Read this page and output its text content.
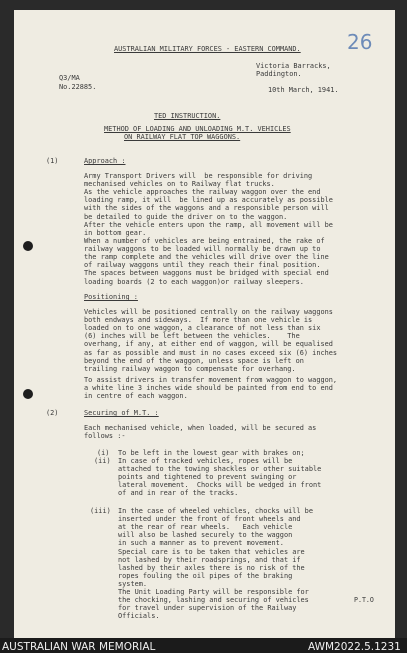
AUSTRALIAN MILITARY FORCES - EASTERN COMMAND. 26
Victoria Barracks,
Paddington.
Q3/MA
No.22885.	10th March, 1941.
TED INSTRUCTION.
METHOD OF LOADING AND UNLOADING M.T. VEHICLES
ON RAILWAY FLAT TOP WAGGONS.
(1)	Approach :
Army Transport Drivers will  be responsible for driving
mechanised vehicles on to Railway flat trucks.
As the vehicle approaches the railway waggon over the end
loading ramp, it will  be lined up as accurately as possible
with the sides of the waggons and a responsible person will
be detailed to guide the driver on to the waggon.
After the vehicle enters upon the ramp, all movement will be
in bottom gear.
When a number of vehicles are being entrained, the rake of
railway waggons to be loaded will normally be drawn up to
the ramp complete and the vehicles will drive over the line
of railway waggons until they reach their final position.
The spaces between waggons must be bridged with special end
loading boards (2 to each waggon)or railway sleepers.
Positioning :
Vehicles will be positioned centrally on the railway waggons
both endways and sideways.  If more than one vehicle is
loaded on to one waggon, a clearance of not less than six
(6) inches will be left between the vehicles.    The
overhang, if any, at either end of waggon, will be equalised
as far as possible and must in no cases exceed six (6) inches
beyond the end of the waggon, unless space is left on
trailing railway waggon to compensate for overhang.
To assist drivers in transfer movement from waggon to waggon,
a white line 3 inches wide should be painted from end to end
in centre of each waggon.
(2)	Securing of M.T. :
Each mechanised vehicle, when loaded, will be secured as
follows :-
(i) To be left in the lowest gear with brakes on;
(ii) In case of tracked vehicles, ropes will be
attached to the towing shackles or other suitable
points and tightened to prevent swinging or
lateral movement.  Chocks will be wedged in front
of and in rear of the tracks.
(iii) In the case of wheeled vehicles, chocks will be
inserted under the front of front wheels and
at the rear of rear wheels.   Each vehicle
will also be lashed securely to the waggon
in such a manner as to prevent movement.
Special care is to be taken that vehicles are
not lashed by their roadsprings, and that if
lashed by their axles there is no risk of the
ropes fouling the oil pipes of the braking
system.
The Unit Loading Party will be responsible for
the chocking, lashing and securing of vehicles
for travel under supervision of the Railway
Officials.
P.T.O
AUSTRALIAN WAR MEMORIAL	AWM2022.5.1231
